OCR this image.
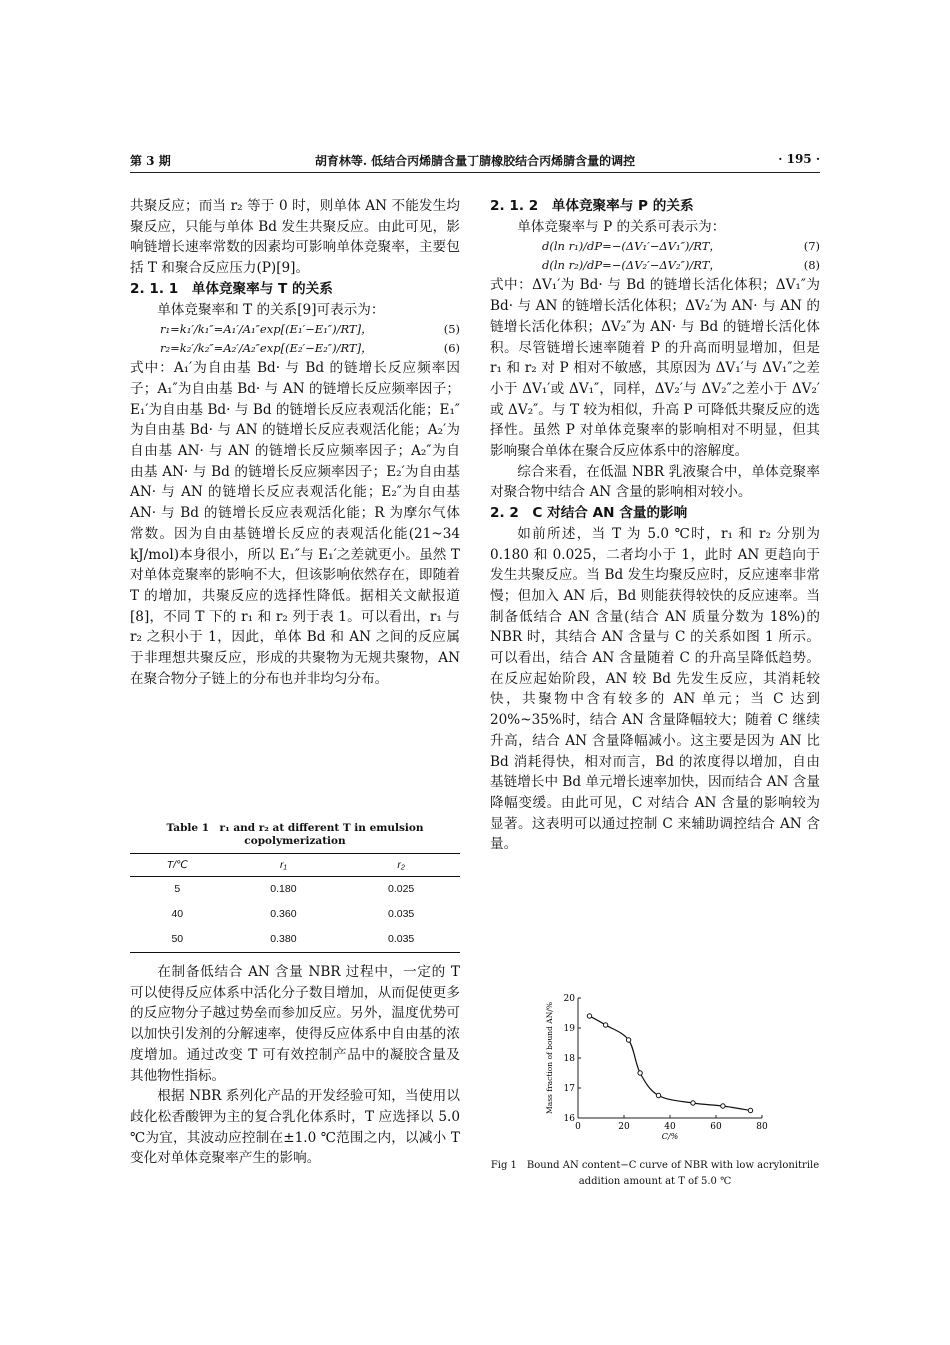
第 3 期	胡育林等. 低结合丙烯腈含量丁腈橡胶结合丙烯腈含量的调控	· 195 ·

共聚反应；而当 r₂ 等于 0 时，则单体 AN 不能发生均聚反应，只能与单体 Bd 发生共聚反应。由此可见，影响链增长速率常数的因素均可影响单体竞聚率，主要包括 T 和聚合反应压力(P)[9]。

2. 1. 1　单体竞聚率与 T 的关系

单体竞聚率和 T 的关系[9]可表示为：

r₁=k₁′/k₁″=A₁′/A₁″exp[(E₁′−E₁″)/RT]，	(5)
r₂=k₂′/k₂″=A₂′/A₂″exp[(E₂′−E₂″)/RT]，	(6)

式中：A₁′为自由基 Bd· 与 Bd 的链增长反应频率因子；A₁″为自由基 Bd· 与 AN 的链增长反应频率因子；E₁′为自由基 Bd· 与 Bd 的链增长反应表观活化能；E₁″为自由基 Bd· 与 AN 的链增长反应表观活化能；A₂′为自由基 AN· 与 AN 的链增长反应频率因子；A₂″为自由基 AN· 与 Bd 的链增长反应频率因子；E₂′为自由基 AN· 与 AN 的链增长反应表观活化能；E₂″为自由基 AN· 与 Bd 的链增长反应表观活化能；R 为摩尔气体常数。因为自由基链增长反应的表观活化能(21~34 kJ/mol)本身很小，所以 E₁″与 E₁′之差就更小。虽然 T 对单体竞聚率的影响不大，但该影响依然存在，即随着 T 的增加，共聚反应的选择性降低。据相关文献报道[8]，不同 T 下的 r₁ 和 r₂ 列于表 1。可以看出，r₁ 与 r₂ 之积小于 1，因此，单体 Bd 和 AN 之间的反应属于非理想共聚反应，形成的共聚物为无规共聚物，AN 在聚合物分子链上的分布也并非均匀分布。

Table 1　r₁ and r₂ at different T in emulsion copolymerization
T/℃	r₁	r₂
5	0.180	0.025
40	0.360	0.035
50	0.380	0.035

在制备低结合 AN 含量 NBR 过程中，一定的 T 可以使得反应体系中活化分子数目增加，从而促使更多的反应物分子越过势垒而参加反应。另外，温度优势可以加快引发剂的分解速率，使得反应体系中自由基的浓度增加。通过改变 T 可有效控制产品中的凝胶含量及其他物性指标。

根据 NBR 系列化产品的开发经验可知，当使用以歧化松香酸钾为主的复合乳化体系时，T 应选择以 5.0 ℃为宜，其波动应控制在±1.0 ℃范围之内，以减小 T 变化对单体竞聚率产生的影响。

2. 1. 2　单体竞聚率与 P 的关系

单体竞聚率与 P 的关系可表示为：

d(ln r₁)/dP=−(ΔV₁′−ΔV₁″)/RT，	(7)
d(ln r₂)/dP=−(ΔV₂′−ΔV₂″)/RT，	(8)

式中：ΔV₁′为 Bd· 与 Bd 的链增长活化体积；ΔV₁″为 Bd· 与 AN 的链增长活化体积；ΔV₂′为 AN· 与 AN 的链增长活化体积；ΔV₂″为 AN· 与 Bd 的链增长活化体积。尽管链增长速率随着 P 的升高而明显增加，但是 r₁ 和 r₂ 对 P 相对不敏感，其原因为 ΔV₁′与 ΔV₁″之差小于 ΔV₁′或 ΔV₁″，同样，ΔV₂′与 ΔV₂″之差小于 ΔV₂′或 ΔV₂″。与 T 较为相似，升高 P 可降低共聚反应的选择性。虽然 P 对单体竞聚率的影响相对不明显，但其影响聚合单体在聚合反应体系中的溶解度。

综合来看，在低温 NBR 乳液聚合中，单体竞聚率对聚合物中结合 AN 含量的影响相对较小。

2. 2　C 对结合 AN 含量的影响

如前所述，当 T 为 5.0 ℃时，r₁ 和 r₂ 分别为 0.180 和 0.025，二者均小于 1，此时 AN 更趋向于发生共聚反应。当 Bd 发生均聚反应时，反应速率非常慢；但加入 AN 后，Bd 则能获得较快的反应速率。当制备低结合 AN 含量(结合 AN 质量分数为 18%)的 NBR 时，其结合 AN 含量与 C 的关系如图 1 所示。可以看出，结合 AN 含量随着 C 的升高呈降低趋势。在反应起始阶段，AN 较 Bd 先发生反应，其消耗较快，共聚物中含有较多的 AN 单元；当 C 达到 20%~35%时，结合 AN 含量降幅较大；随着 C 继续升高，结合 AN 含量降幅减小。这主要是因为 AN 比 Bd 消耗得快，相对而言，Bd 的浓度得以增加，自由基链增长中 Bd 单元增长速率加快，因而结合 AN 含量降幅变缓。由此可见，C 对结合 AN 含量的影响较为显著。这表明可以通过控制 C 来辅助调控结合 AN 含量。

0	20	40	60	80
16
17
18
19
20
C/%
Mass fraction of bound AN/%
Fig 1　Bound AN content−C curve of NBR with low acrylonitrile
addition amount at T of 5.0 ℃
